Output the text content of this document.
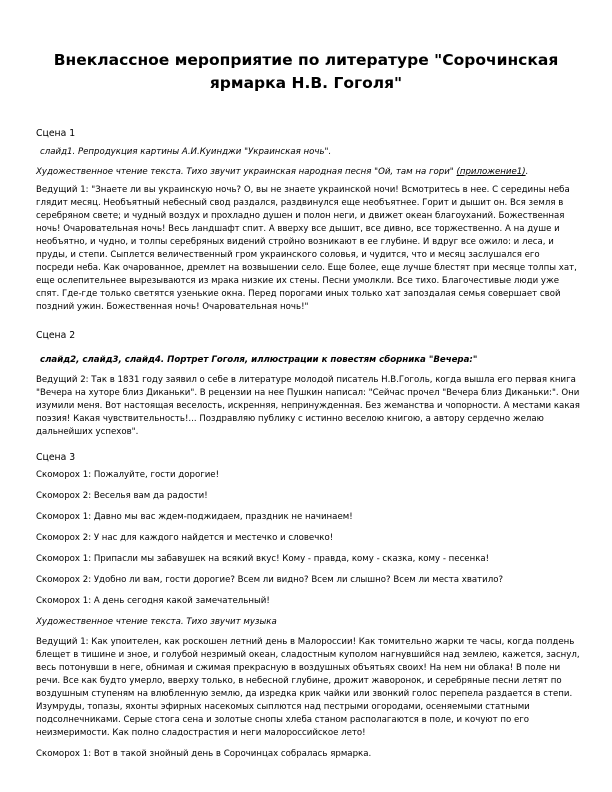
Внеклассное мероприятие по литературе "Сорочинская
ярмарка Н.В. Гоголя"

Сцена 1

слайд1. Репродукция картины А.И.Куинджи "Украинская ночь".

Художественное чтение текста. Тихо звучит украинская народная песня "Ой, там на гори" (приложение1).

Ведущий 1: "Знаете ли вы украинскую ночь? О, вы не знаете украинской ночи! Всмотритесь в нее. С середины неба глядит месяц. Необъятный небесный свод раздался, раздвинулся еще необъятнее. Горит и дышит он. Вся земля в серебряном свете; и чудный воздух и прохладно душен и полон неги, и движет океан благоуханий. Божественная ночь! Очаровательная ночь! Весь ландшафт спит. А вверху все дышит, все дивно, все торжественно. А на душе и необъятно, и чудно, и толпы серебряных видений стройно возникают в ее глубине. И вдруг все ожило: и леса, и пруды, и степи. Сыплется величественный гром украинского соловья, и чудится, что и месяц заслушался его посреди неба. Как очарованное, дремлет на возвышении село. Еще более, еще лучше блестят при месяце толпы хат, еще ослепительнее вырезываются из мрака низкие их стены. Песни умолкли. Все тихо. Благочестивые люди уже спят. Где-где только светятся узенькие окна. Перед порогами иных только хат запоздалая семья совершает свой поздний ужин. Божественная ночь! Очаровательная ночь!"

Сцена 2

слайд2, слайд3, слайд4. Портрет Гоголя, иллюстрации к повестям сборника "Вечера:"

Ведущий 2: Так в 1831 году заявил о себе в литературе молодой писатель Н.В.Гоголь, когда вышла его первая книга "Вечера на хуторе близ Диканьки". В рецензии на нее Пушкин написал: "Сейчас прочел "Вечера близ Диканьки:". Они изумили меня. Вот настоящая веселость, искренняя, непринужденная. Без жеманства и чопорности. А местами какая поэзия! Какая чувствительность!... Поздравляю публику с истинно веселою книгою, а автору сердечно желаю дальнейших успехов".

Сцена 3

Скоморох 1: Пожалуйте, гости дорогие!

Скоморох 2: Веселья вам да радости!

Скоморох 1: Давно мы вас ждем-поджидаем, праздник не начинаем!

Скоморох 2: У нас для каждого найдется и местечко и словечко!

Скоморох 1: Припасли мы забавушек на всякий вкус! Кому - правда, кому - сказка, кому - песенка!

Скоморох 2: Удобно ли вам, гости дорогие? Всем ли видно? Всем ли слышно? Всем ли места хватило?

Скоморох 1: А день сегодня какой замечательный!

Художественное чтение текста. Тихо звучит музыка

Ведущий 1: Как упоителен, как роскошен летний день в Малороссии! Как томительно жарки те часы, когда полдень блещет в тишине и зное, и голубой незримый океан, сладостным куполом нагнувшийся над землею, кажется, заснул, весь потонувши в неге, обнимая и сжимая прекрасную в воздушных объятьях своих! На нем ни облака! В поле ни речи. Все как будто умерло, вверху только, в небесной глубине, дрожит жаворонок, и серебряные песни летят по воздушным ступеням на влюбленную землю, да изредка крик чайки или звонкий голос перепела раздается в степи. Изумруды, топазы, яхонты эфирных насекомых сыплются над пестрыми огородами, осеняемыми статными подсолнечниками. Серые стога сена и золотые снопы хлеба станом располагаются в поле, и кочуют по его неизмеримости. Как полно сладострастия и неги малороссийское лето!

Скоморох 1: Вот в такой знойный день в Сорочинцах собралась ярмарка.
